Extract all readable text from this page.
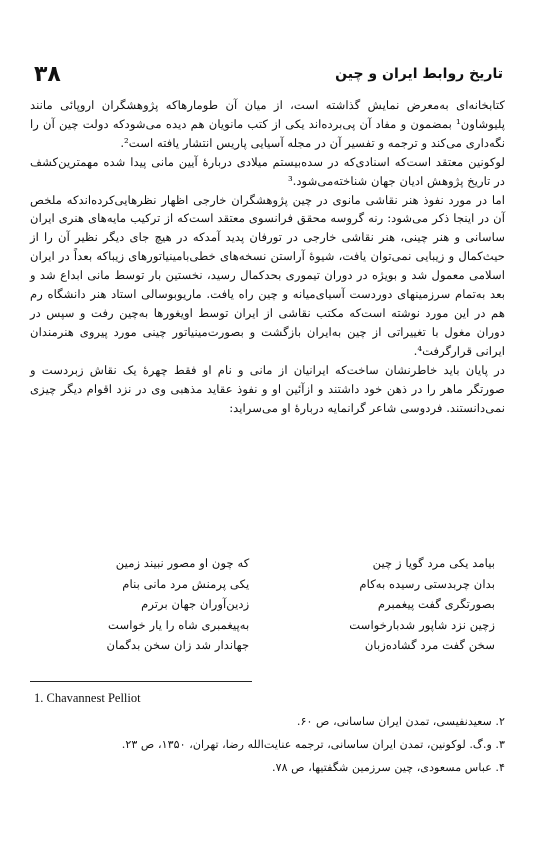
۳۸	تاریخ روابط ایران و چین

کتابخانه‌ای به‌معرض نمایش گذاشته است، از میان آن طومارهاکه پژوهشگران اروپائی مانند پلیوشاون¹ بمضمون و مفاد آن پی‌برده‌اند یکی از کتب مانویان هم دیده می‌شودکه دولت چین آن را نگه‌داری می‌کند و ترجمه و تفسیر آن در مجله آسیایی پاریس انتشار یافته است².

لوکونین معتقد است‌که اسنادی‌که در سده‌بیستم میلادی دربارهٔ آیین مانی پیدا شده مهمترین‌کشف در تاریخ پژوهش ادیان جهان شناخته‌می‌شود.³

اما در مورد نفوذ هنر نقاشی مانوی در چین پژوهشگران خارجی اظهار نظرهایی‌کرده‌اندکه ملخص آن در اینجا ذکر می‌شود: رنه گروسه محقق فرانسوی معتقد است‌که از ترکیب مایه‌های هنری ایران ساسانی و هنر چینی، هنر نقاشی خارجی در تورفان پدید آمدکه در هیچ جای دیگر نظیر آن را از حیث‌کمال و زیبایی نمی‌توان یافت، شیوهٔ آراستن نسخه‌های خطی‌بامینیاتورهای زیباکه بعداً در ایران اسلامی معمول شد و بویژه در دوران تیموری بحدکمال رسید، نخستین بار توسط مانی ابداع شد و بعد به‌تمام سرزمینهای دوردست آسیای‌میانه و چین راه یافت. ماریوبوسالی استاد هنر دانشگاه رم هم در این مورد نوشته است‌که مکتب نقاشی از ایران توسط اویغورها به‌چین رفت و سپس در دوران مغول با تغییراتی از چین به‌ایران بازگشت و بصورت‌مینیاتور چینی مورد پیروی هنرمندان ایرانی قرارگرفت⁴.

در پایان باید خاطرنشان ساخت‌که ایرانیان از مانی و نام او فقط چهرهٔ یک نقاش زبردست و صورتگر ماهر را در ذهن خود داشتند و ازآئین او و نفوذ عقاید مذهبی وی در نزد اقوام دیگر چیزی نمی‌دانستند. فردوسی شاعر گرانمایه دربارهٔ او می‌سراید:

بیامد یکی مرد گویا ز چین
که چون او مصور نبیند زمین
بدان چربدستی رسیده به‌کام
یکی پرمنش مرد مانی بنام
بصورتگری گفت پیغمبرم
زدین‌آوران جهان برترم
زچین نزد شاپور شدبارخواست
به‌پیغمبری شاه را یار خواست
سخن گفت مرد گشاده‌زبان
جهاندار شد زان سخن بدگمان
1. Chavannest Pelliot

۲. سعیدنفیسی، تمدن ایران ساسانی، ص ۶۰.

۳. و.گ. لوکونین، تمدن ایران ساسانی، ترجمه عنایت‌الله رضا، تهران، ۱۳۵۰، ص ۲۳.

۴. عباس مسعودی، چین سرزمین شگفتیها، ص ۷۸.
